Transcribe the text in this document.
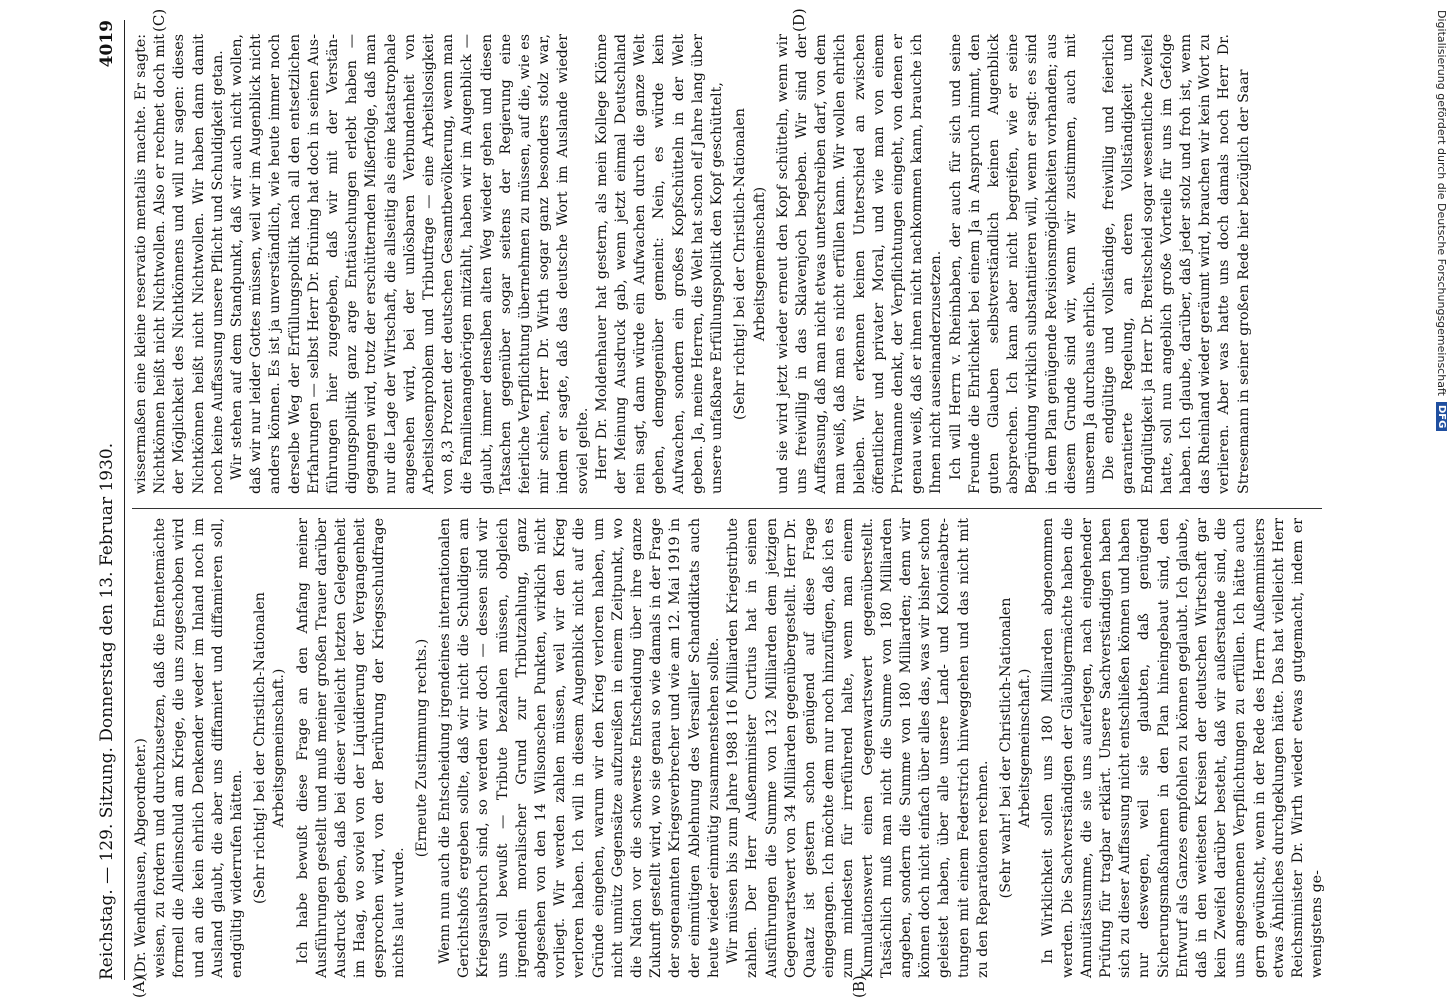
Reichstag. — 129. Sitzung. Donnerstag den 13. Februar 1930.
4019
(A)	(B)
(C)	(D)

(Dr. Wendhausen, Abgeordneter.) weisen, zu fordern und durchzusetzen, daß die Ententemächte formell die Alleinschuld am Kriege, die uns zugeschoben wird und an die kein ehrlich Denkender weder im Inland noch im Ausland glaubt, die aber uns diffamiert und diffamieren soll, endgültig widerrufen hätten. (Sehr richtig! bei der Christlich-Nationalen Arbeitsgemeinschaft.) Ich habe bewußt diese Frage an den Anfang meiner Ausführungen gestellt und muß meiner großen Trauer darüber Ausdruck geben, daß bei dieser vielleicht letzten Gelegenheit im Haag, wo soviel von der Liquidierung der Vergangenheit gesprochen wird, von der Berührung der Kriegsschuldfrage nichts laut wurde.

(Erneute Zustimmung rechts.) Wenn nun auch die Entscheidung irgendeines internationalen Gerichtshofs ergeben sollte, daß wir nicht die Schuldigen am Kriegsausbruch sind, so werden wir doch — dessen sind wir uns voll bewußt — Tribute bezahlen müssen, obgleich irgendein moralischer Grund zur Tributzahlung, ganz abgesehen von den 14 Wilsonschen Punkten, wirklich nicht vorliegt. Wir werden zahlen müssen, weil wir den Krieg verloren haben. Ich will in diesem Augenblick nicht auf die Gründe eingehen, warum wir den Krieg verloren haben, um nicht unnütz Gegensätze aufzureißen in einem Zeitpunkt, wo die Nation vor die schwerste Entscheidung über ihre ganze Zukunft gestellt wird, wo sie genau so wie damals in der Frage der sogenannten Kriegsverbrecher und wie am 12. Mai 1919 in der einmütigen Ablehnung des Versailler Schanddiktats auch heute wieder einmütig zusammenstehen sollte. Wir müssen bis zum Jahre 1988 116 Milliarden Kriegstribute zahlen. Der Herr Außenminister Curtius hat in seinen Ausführungen die Summe von 132 Milliarden dem jetzigen Gegenwartswert von 34 Milliarden gegenübergestellt. Herr Dr. Quaatz ist gestern schon genügend auf diese Frage eingegangen. Ich möchte dem nur noch hinzufügen, daß ich es zum mindesten für irreführend halte, wenn man einem Kumulationswert einen Gegenwartswert gegenüberstellt. Tatsächlich muß man nicht die Summe von 180 Milliarden angeben, sondern die Summe von 180 Milliarden; denn wir können doch nicht einfach über alles das, was wir bisher schon geleistet haben, über alle unsere Land- und Kolonieabtretungen mit einem Federstrich hinweggehen und das nicht mit zu den Reparationen rechnen. (Sehr wahr! bei der Christlich-Nationalen Arbeitsgemeinschaft.) In Wirklichkeit sollen uns 180 Milliarden abgenommen werden. Die Sachverständigen der Gläubigermächte haben die Annuitätssumme, die sie uns auferlegen, nach eingehender Prüfung für tragbar erklärt. Unsere Sachverständigen haben sich zu dieser Auffassung nicht entschließen können und haben nur deswegen, weil sie glaubten, daß genügend Sicherungsmaßnahmen in den Plan hineingebaut sind, den Entwurf als Ganzes empfohlen zu können geglaubt. Ich glaube, daß in den weitesten Kreisen der deutschen Wirtschaft gar kein Zweifel darüber besteht, daß wir außerstande sind, die uns angesonnenen Verpflichtungen zu erfüllen. Ich hätte auch gern gewünscht, wenn in der Rede des Herrn Außenministers etwas Ähnliches durchgeklungen hätte. Das hat vielleicht Herr Reichsminister Dr. Wirth wieder etwas gutgemacht, indem er wenigstens ge-

wissermaßen eine kleine reservatio mentalis machte. Er sagte: Nichtkönnen heißt nicht Nichtwollen. Also er rechnet doch mit der Möglichkeit des Nichtkönnens und will nur sagen: dieses Nichtkönnen heißt nicht Nichtwollen. Wir haben dann damit noch keine Auffassung unsere Pflicht und Schuldigkeit getan. Wir stehen auf dem Standpunkt, daß wir auch nicht wollen, daß wir nur leider Gottes müssen, weil wir im Augenblick nicht anders können. Es ist ja unverständlich, wie heute immer noch derselbe Weg der Erfüllungspolitik nach all den entsetzlichen Erfahrungen — selbst Herr Dr. Brüning hat doch in seinen Ausführungen hier zugegeben, daß wir mit der Verständigungspolitik ganz arge Enttäuschungen erlebt haben — gegangen wird, trotz der erschütternden Mißerfolge, daß man nur die Lage der Wirtschaft, die allseitig als eine katastrophale angesehen wird, bei der unlösbaren Verbundenheit von Arbeitslosenproblem und Tributfrage — eine Arbeitslosigkeit von 8,3 Prozent der deutschen Gesamtbevölkerung, wenn man die Familienangehörigen mitzählt, haben wir im Augenblick — glaubt, immer denselben alten Weg wieder gehen und diesen Tatsachen gegenüber sogar seitens der Regierung eine feierliche Verpflichtung übernehmen zu müssen, auf die, wie es mir schien, Herr Dr. Wirth sogar ganz besonders stolz war, indem er sagte, daß das deutsche Wort im Auslande wieder soviel gelte. Herr Dr. Moldenhauer hat gestern, als mein Kollege Klönne der Meinung Ausdruck gab, wenn jetzt einmal Deutschland nein sagt, dann würde ein Aufwachen durch die ganze Welt gehen, demgegenüber gemeint: Nein, es würde kein Aufwachen, sondern ein großes Kopfschütteln in der Welt geben. Ja, meine Herren, die Welt hat schon elf Jahre lang über unsere unfaßbare Erfüllungspolitik den Kopf geschüttelt, (Sehr richtig! bei der Christlich-Nationalen Arbeitsgemeinschaft) und sie wird jetzt wieder erneut den Kopf schütteln, wenn wir uns freiwillig in das Sklavenjoch begeben. Wir sind der Auffassung, daß man nicht etwas unterschreiben darf, von dem man weiß, daß man es nicht erfüllen kann. Wir wollen ehrlich bleiben. Wir erkennen keinen Unterschied an zwischen öffentlicher und privater Moral, und wie man von einem Privatmanne denkt, der Verpflichtungen eingeht, von denen er genau weiß, daß er ihnen nicht nachkommen kann, brauche ich Ihnen nicht auseinanderzusetzen. Ich will Herrn v. Rheinbaben, der auch für sich und seine Freunde die Ehrlichkeit bei einem Ja in Anspruch nimmt, den guten Glauben selbstverständlich keinen Augenblick absprechen. Ich kann aber nicht begreifen, wie er seine Begründung wirklich substantiieren will, wenn er sagt: es sind in dem Plan genügende Revisionsmöglichkeiten vorhanden; aus diesem Grunde sind wir, wenn wir zustimmen, auch mit unserem Ja durchaus ehrlich. Die endgültige und vollständige, freiwillig und feierlich garantierte Regelung, an deren Vollständigkeit und Endgültigkeit ja Herr Dr. Breitscheid sogar wesentliche Zweifel hatte, soll nun angeblich große Vorteile für uns im Gefolge haben. Ich glaube, darüber, daß jeder stolz und froh ist, wenn das Rheinland wieder geräumt wird, brauchen wir kein Wort zu verlieren. Aber was hatte uns doch damals noch Herr Dr. Stresemann in seiner großen Rede hier bezüglich der Saar	Digitalisierung gefördert durch die Deutsche Forschungsgemeinschaft
DFG
